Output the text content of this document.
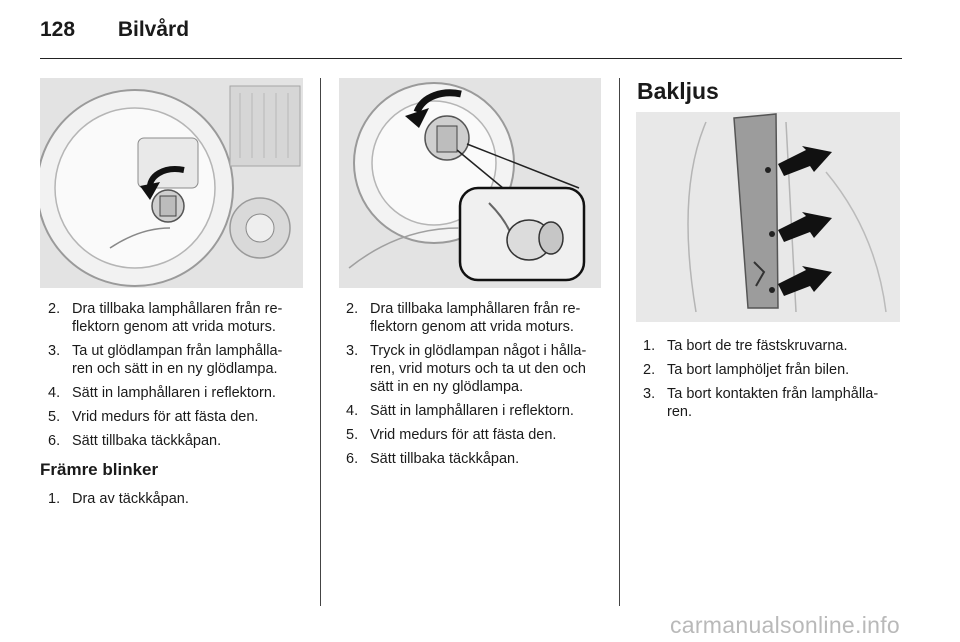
128 Bilvård
2. Dra tillbaka lamphållaren från re-
flektorn genom att vrida moturs.
3. Ta ut glödlampan från lamphålla-
ren och sätt in en ny glödlampa.
4. Sätt in lamphållaren i reflektorn.
5. Vrid medurs för att fästa den.
6. Sätt tillbaka täckkåpan.
Främre blinker
1. Dra av täckkåpan.
2. Dra tillbaka lamphållaren från re-
flektorn genom att vrida moturs.
3. Tryck in glödlampan något i hålla-
ren, vrid moturs och ta ut den och
sätt in en ny glödlampa.
4. Sätt in lamphållaren i reflektorn.
5. Vrid medurs för att fästa den.
6. Sätt tillbaka täckkåpan.
Bakljus
1. Ta bort de tre fästskruvarna.
2. Ta bort lamphöljet från bilen.
3. Ta bort kontakten från lamphålla-
ren.
carmanualsonline.info
